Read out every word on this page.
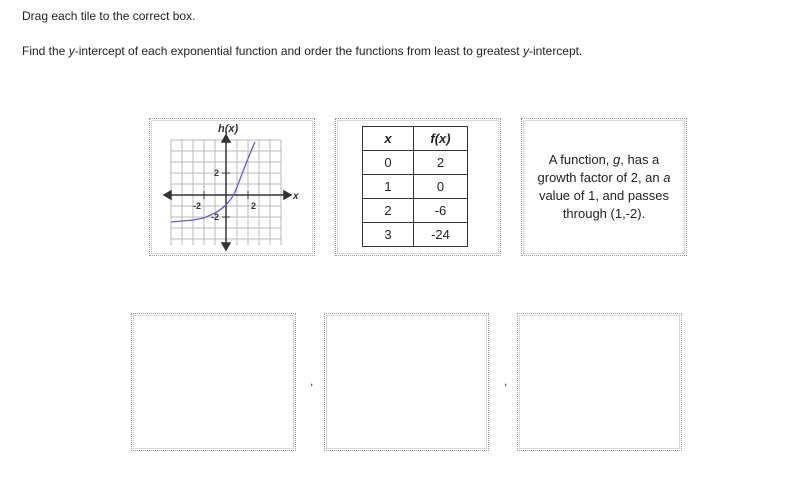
Drag each tile to the correct box.
Find the y-intercept of each exponential function and order the functions from least to greatest y-intercept.
h(x)
x
-2	2
2
-2
x	f(x)
0	2
1	0
2	-6
3	-24
A function, g, has a growth factor of 2, an a value of 1, and passes through (1,-2).
,	,
